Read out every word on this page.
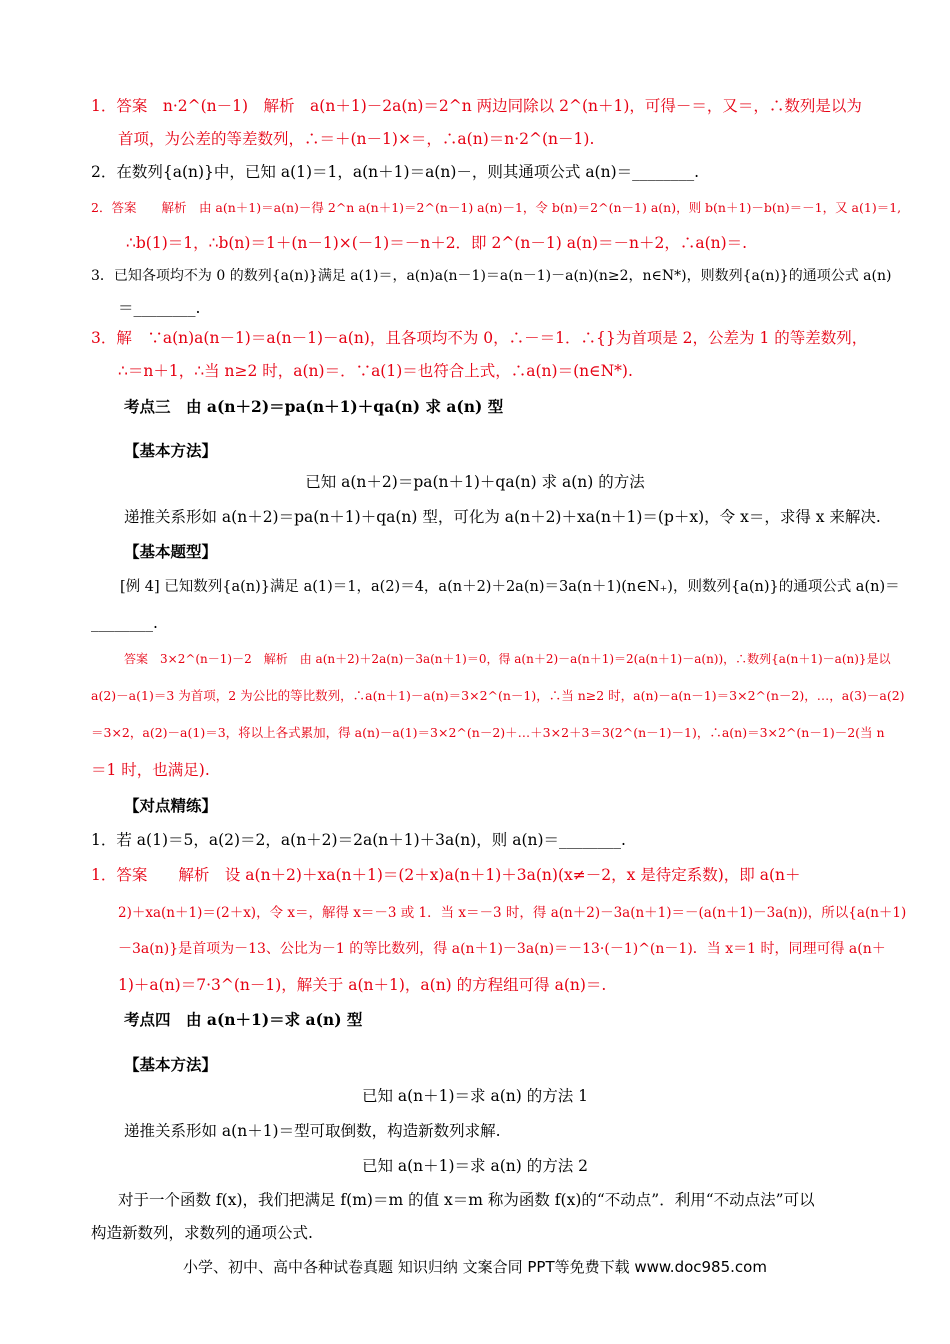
1．答案　n·2^(n－1)　解析　a(n＋1)－2a(n)＝2^n 两边同除以 2^(n＋1)，可得－＝，又＝，∴数列是以为
首项，为公差的等差数列，∴＝＋(n－1)×＝，∴a(n)＝n·2^(n－1).
2．在数列{a(n)}中，已知 a(1)＝1，a(n＋1)＝a(n)－，则其通项公式 a(n)＝________.
2．答案　　解析　由 a(n＋1)＝a(n)－得 2^n a(n＋1)＝2^(n－1) a(n)－1，令 b(n)＝2^(n－1) a(n)，则 b(n＋1)－b(n)＝－1，又 a(1)＝1,
∴b(1)＝1，∴b(n)＝1＋(n－1)×(－1)＝－n＋2．即 2^(n－1) a(n)＝－n＋2，∴a(n)＝.
3．已知各项均不为 0 的数列{a(n)}满足 a(1)＝，a(n)a(n－1)＝a(n－1)－a(n)(n≥2，n∈N*)，则数列{a(n)}的通项公式 a(n)
＝________.
3．解　∵a(n)a(n－1)＝a(n－1)－a(n)，且各项均不为 0，∴－＝1．∴{}为首项是 2，公差为 1 的等差数列，
∴＝n＋1，∴当 n≥2 时，a(n)＝．∵a(1)＝也符合上式，∴a(n)＝(n∈N*).
考点三　由 a(n＋2)＝pa(n＋1)＋qa(n) 求 a(n) 型
【基本方法】
已知 a(n＋2)＝pa(n＋1)＋qa(n) 求 a(n) 的方法
递推关系形如 a(n＋2)＝pa(n＋1)＋qa(n) 型，可化为 a(n＋2)＋xa(n＋1)＝(p＋x)，令 x＝，求得 x 来解决.
【基本题型】
[例 4] 已知数列{a(n)}满足 a(1)＝1，a(2)＝4，a(n＋2)＋2a(n)＝3a(n＋1)(n∈N₊)，则数列{a(n)}的通项公式 a(n)＝
________.
答案　3×2^(n－1)－2　解析　由 a(n＋2)＋2a(n)－3a(n＋1)＝0，得 a(n＋2)－a(n＋1)＝2(a(n＋1)－a(n))，∴数列{a(n＋1)－a(n)}是以
a(2)－a(1)＝3 为首项，2 为公比的等比数列，∴a(n＋1)－a(n)＝3×2^(n－1)，∴当 n≥2 时，a(n)－a(n－1)＝3×2^(n－2)，…，a(3)－a(2)
＝3×2，a(2)－a(1)＝3，将以上各式累加，得 a(n)－a(1)＝3×2^(n－2)＋…＋3×2＋3＝3(2^(n－1)－1)，∴a(n)＝3×2^(n－1)－2(当 n
＝1 时，也满足).
【对点精练】
1．若 a(1)＝5，a(2)＝2，a(n＋2)＝2a(n＋1)＋3a(n)，则 a(n)＝________.
1．答案　　解析　设 a(n＋2)＋xa(n＋1)＝(2＋x)a(n＋1)＋3a(n)(x≠－2，x 是待定系数)，即 a(n＋
2)＋xa(n＋1)＝(2＋x)，令 x＝，解得 x＝－3 或 1．当 x＝－3 时，得 a(n＋2)－3a(n＋1)＝－(a(n＋1)－3a(n))，所以{a(n＋1)
－3a(n)}是首项为－13、公比为－1 的等比数列，得 a(n＋1)－3a(n)＝－13·(－1)^(n－1)．当 x＝1 时，同理可得 a(n＋
1)＋a(n)＝7·3^(n－1)，解关于 a(n＋1)，a(n) 的方程组可得 a(n)＝.
考点四　由 a(n＋1)＝求 a(n) 型
【基本方法】
已知 a(n＋1)＝求 a(n) 的方法 1
递推关系形如 a(n＋1)＝型可取倒数，构造新数列求解.
已知 a(n＋1)＝求 a(n) 的方法 2
对于一个函数 f(x)，我们把满足 f(m)＝m 的值 x＝m 称为函数 f(x)的“不动点”．利用“不动点法”可以
构造新数列，求数列的通项公式.
小学、初中、高中各种试卷真题 知识归纳 文案合同 PPT等免费下载 www.doc985.com
